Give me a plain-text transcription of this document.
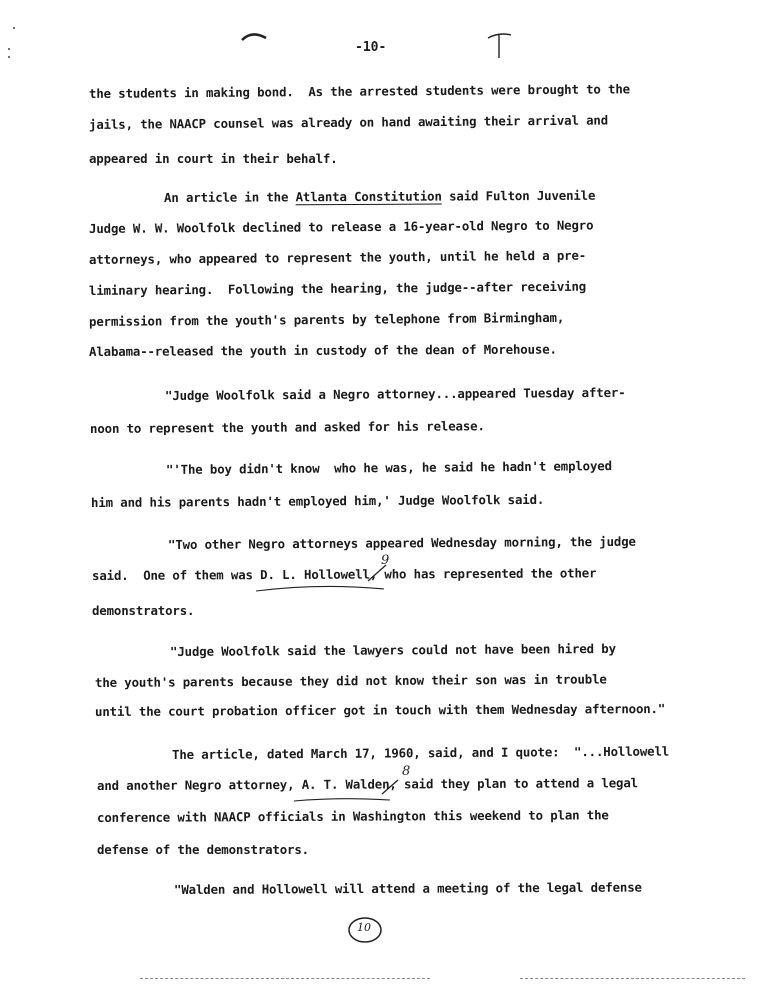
-10-
the students in making bond.  As the arrested students were brought to the
jails, the NAACP counsel was already on hand awaiting their arrival and
appeared in court in their behalf.
An article in the Atlanta Constitution said Fulton Juvenile
Judge W. W. Woolfolk declined to release a 16-year-old Negro to Negro
attorneys, who appeared to represent the youth, until he held a pre-
liminary hearing.  Following the hearing, the judge--after receiving
permission from the youth's parents by telephone from Birmingham,
Alabama--released the youth in custody of the dean of Morehouse.
"Judge Woolfolk said a Negro attorney...appeared Tuesday after-
noon to represent the youth and asked for his release.
"'The boy didn't know  who he was, he said he hadn't employed
him and his parents hadn't employed him,' Judge Woolfolk said.
"Two other Negro attorneys appeared Wednesday morning, the judge
said.  One of them was D. L. Hollowell, who has represented the other
demonstrators.
"Judge Woolfolk said the lawyers could not have been hired by
the youth's parents because they did not know their son was in trouble
until the court probation officer got in touch with them Wednesday afternoon."
The article, dated March 17, 1960, said, and I quote:  "...Hollowell
and another Negro attorney, A. T. Walden, said they plan to attend a legal
conference with NAACP officials in Washington this weekend to plan the
defense of the demonstrators.
"Walden and Hollowell will attend a meeting of the legal defense
9
8
10
